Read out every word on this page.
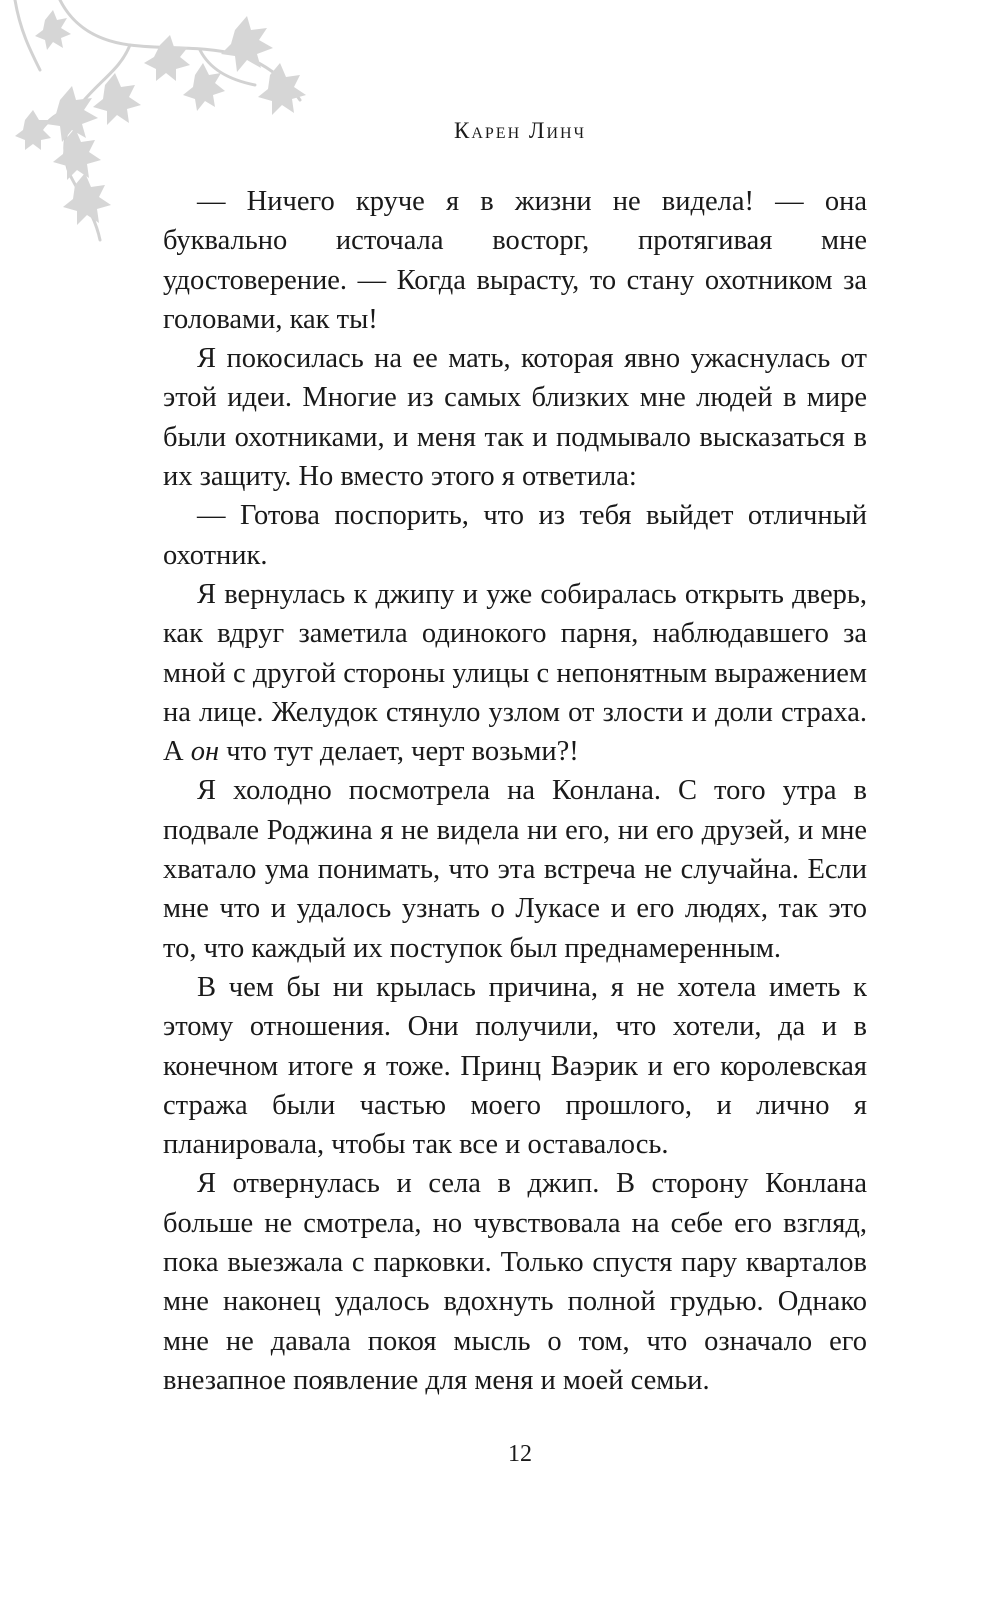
Карен Линч

— Ничего круче я в жизни не видела! — она буквально источала восторг, протягивая мне удостоверение. — Когда вырасту, то стану охотником за головами, как ты!

Я покосилась на ее мать, которая явно ужаснулась от этой идеи. Многие из самых близких мне людей в мире были охотниками, и меня так и подмывало высказаться в их защиту. Но вместо этого я ответила:

— Готова поспорить, что из тебя выйдет отличный охотник.

Я вернулась к джипу и уже собиралась открыть дверь, как вдруг заметила одинокого парня, наблюдавшего за мной с другой стороны улицы с непонятным выражением на лице. Желудок стянуло узлом от злости и доли страха. А он что тут делает, черт возьми?!

Я холодно посмотрела на Конлана. С того утра в подвале Роджина я не видела ни его, ни его друзей, и мне хватало ума понимать, что эта встреча не случайна. Если мне что и удалось узнать о Лукасе и его людях, так это то, что каждый их поступок был преднамеренным.

В чем бы ни крылась причина, я не хотела иметь к этому отношения. Они получили, что хотели, да и в конечном итоге я тоже. Принц Ваэрик и его королевская стража были частью моего прошлого, и лично я планировала, чтобы так все и оставалось.

Я отвернулась и села в джип. В сторону Конлана больше не смотрела, но чувствовала на себе его взгляд, пока выезжала с парковки. Только спустя пару кварталов мне наконец удалось вдохнуть полной грудью. Однако мне не давала покоя мысль о том, что означало его внезапное появление для меня и моей семьи.

12
